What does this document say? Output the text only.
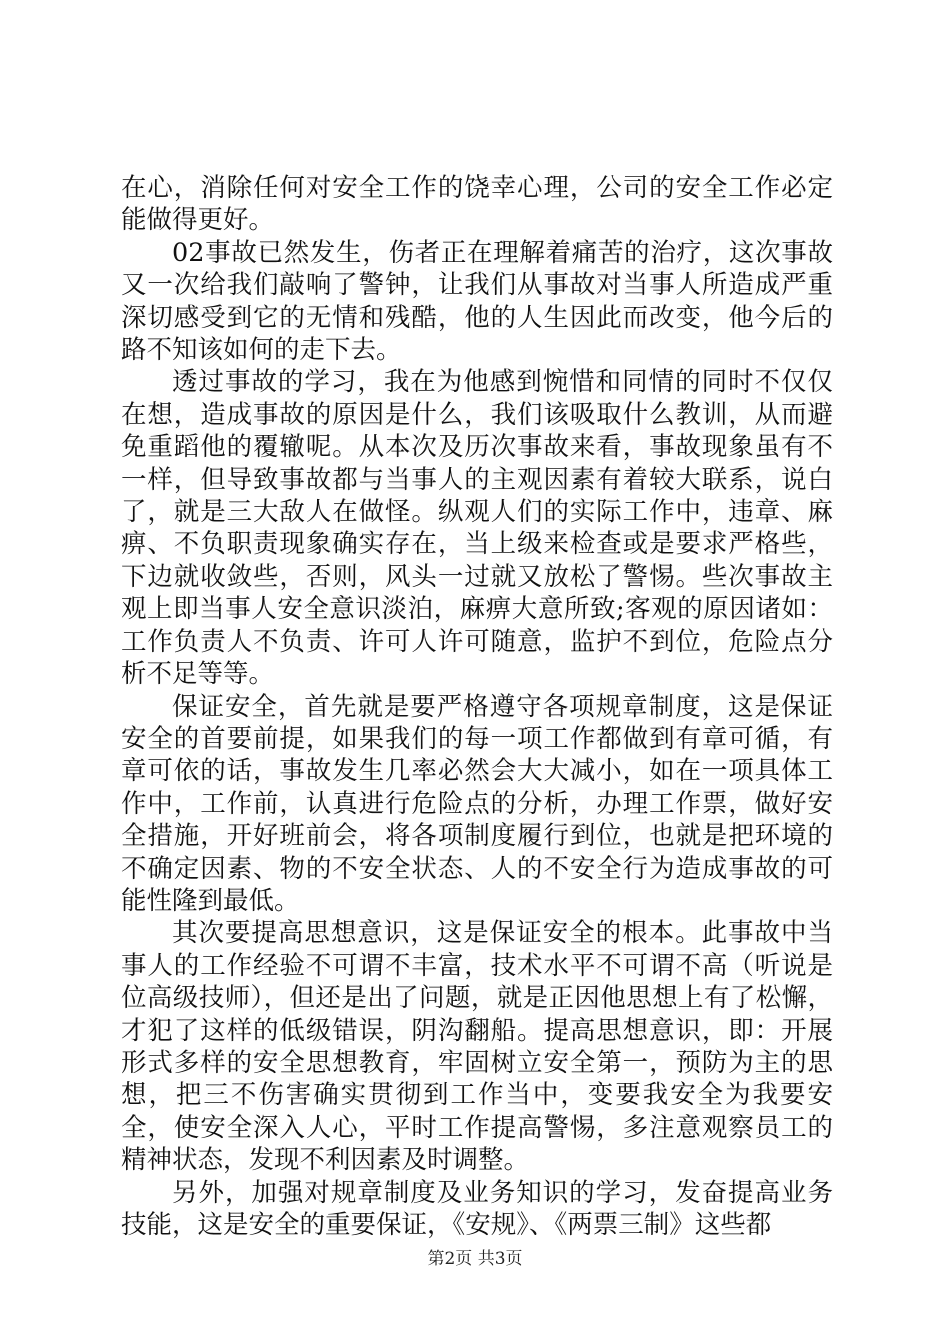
在心，消除任何对安全工作的饶幸心理，公司的安全工作必定能做得更好。

02事故已然发生，伤者正在理解着痛苦的治疗，这次事故又一次给我们敲响了警钟，让我们从事故对当事人所造成严重深切感受到它的无情和残酷，他的人生因此而改变，他今后的路不知该如何的走下去。

透过事故的学习，我在为他感到惋惜和同情的同时不仅仅在想，造成事故的原因是什么，我们该吸取什么教训，从而避免重蹈他的覆辙呢。从本次及历次事故来看，事故现象虽有不一样，但导致事故都与当事人的主观因素有着较大联系，说白了，就是三大敌人在做怪。纵观人们的实际工作中，违章、麻痹、不负职责现象确实存在，当上级来检查或是要求严格些，下边就收敛些，否则，风头一过就又放松了警惕。些次事故主观上即当事人安全意识淡泊，麻痹大意所致;客观的原因诸如：工作负责人不负责、许可人许可随意，监护不到位，危险点分析不足等等。

保证安全，首先就是要严格遵守各项规章制度，这是保证安全的首要前提，如果我们的每一项工作都做到有章可循，有章可依的话，事故发生几率必然会大大减小，如在一项具体工作中，工作前，认真进行危险点的分析，办理工作票，做好安全措施，开好班前会，将各项制度履行到位，也就是把环境的不确定因素、物的不安全状态、人的不安全行为造成事故的可能性隆到最低。

其次要提高思想意识，这是保证安全的根本。此事故中当事人的工作经验不可谓不丰富，技术水平不可谓不高（听说是位高级技师），但还是出了问题，就是正因他思想上有了松懈，才犯了这样的低级错误，阴沟翻船。提高思想意识，即：开展形式多样的安全思想教育，牢固树立安全第一，预防为主的思想，把三不伤害确实贯彻到工作当中，变要我安全为我要安全，使安全深入人心，平时工作提高警惕，多注意观察员工的精神状态，发现不利因素及时调整。

另外，加强对规章制度及业务知识的学习，发奋提高业务技能，这是安全的重要保证，《安规》、《两票三制》这些都

第2页 共3页
